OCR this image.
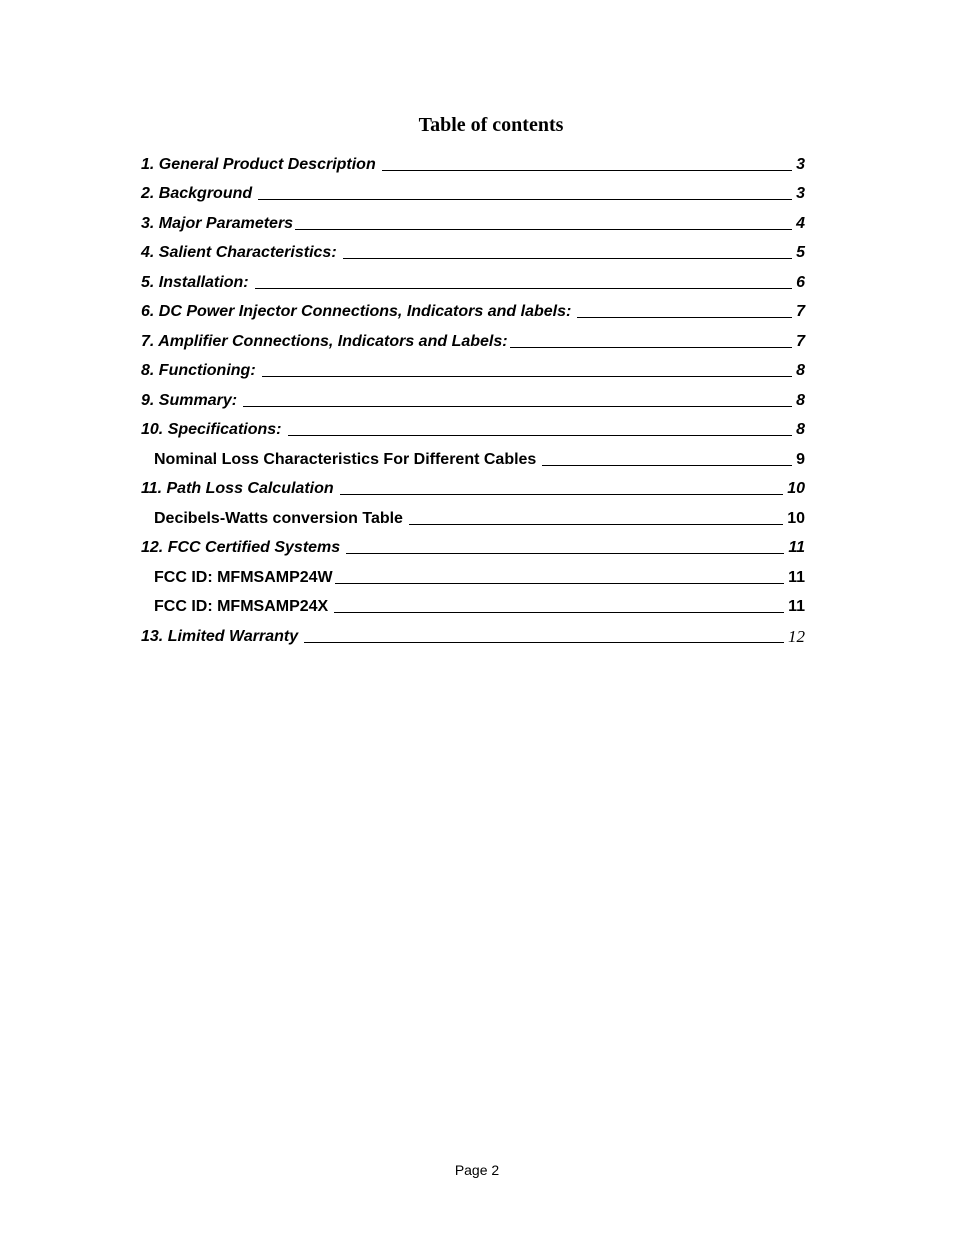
Table of contents
1. General Product Description	3
2. Background	3
3. Major Parameters	4
4. Salient Characteristics:	5
5. Installation:	6
6. DC Power Injector Connections, Indicators and labels:	7
7. Amplifier Connections, Indicators and Labels:	7
8. Functioning:	8
9. Summary:	8
10. Specifications:	8
Nominal Loss Characteristics For Different Cables	9
11. Path Loss Calculation	10
Decibels-Watts conversion Table	10
12. FCC Certified Systems	11
FCC ID: MFMSAMP24W	11
FCC ID: MFMSAMP24X	11
13. Limited Warranty	12
Page 2
